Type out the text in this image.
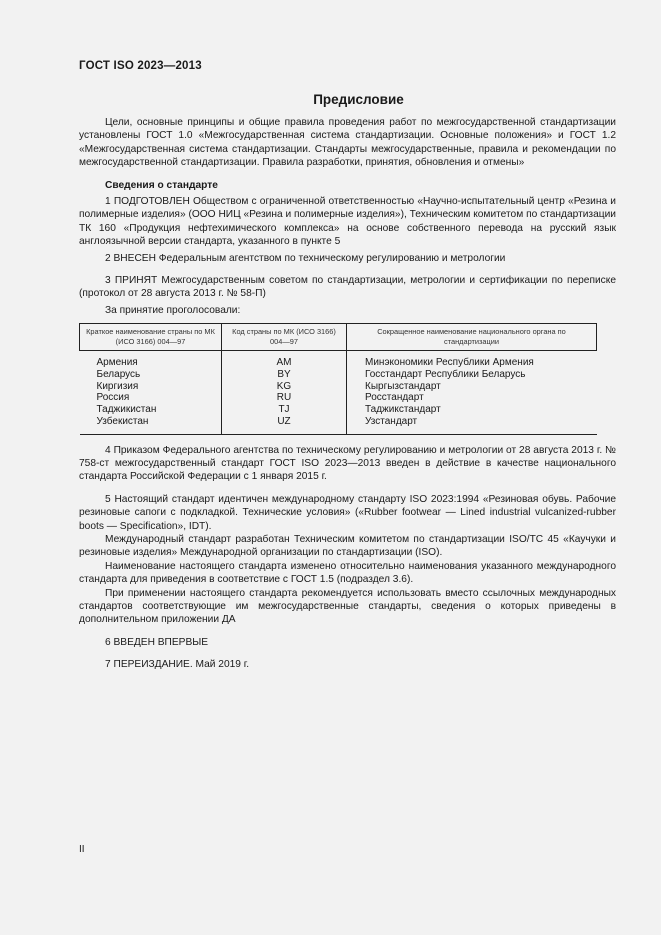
ГОСТ ISO 2023—2013
Предисловие

Цели, основные принципы и общие правила проведения работ по межгосударственной стандартизации установлены ГОСТ 1.0 «Межгосударственная система стандартизации. Основные положения» и ГОСТ 1.2 «Межгосударственная система стандартизации. Стандарты межгосударственные, правила и рекомендации по межгосударственной стандартизации. Правила разработки, принятия, обновления и отмены»

Сведения о стандарте

1 ПОДГОТОВЛЕН Обществом с ограниченной ответственностью «Научно-испытательный центр «Резина и полимерные изделия» (ООО НИЦ «Резина и полимерные изделия»), Техническим комитетом по стандартизации ТК 160 «Продукция нефтехимического комплекса» на основе собственного перевода на русский язык англоязычной версии стандарта, указанного в пункте 5

2 ВНЕСЕН Федеральным агентством по техническому регулированию и метрологии

3 ПРИНЯТ Межгосударственным советом по стандартизации, метрологии и сертификации по переписке (протокол от 28 августа 2013 г. № 58-П)

За принятие проголосовали:

Краткое наименование страны по МК (ИСО 3166) 004—97	Код страны по МК (ИСО 3166) 004—97	Сокращенное наименование национального органа по стандартизации
Армения	AM	Минэкономики Республики Армения
Беларусь	BY	Госстандарт Республики Беларусь
Киргизия	KG	Кыргызстандарт
Россия	RU	Росстандарт
Таджикистан	TJ	Таджикстандарт
Узбекистан	UZ	Узстандарт

4 Приказом Федерального агентства по техническому регулированию и метрологии от 28 августа 2013 г. № 758-ст межгосударственный стандарт ГОСТ ISO 2023—2013 введен в действие в качестве национального стандарта Российской Федерации с 1 января 2015 г.

5 Настоящий стандарт идентичен международному стандарту ISO 2023:1994 «Резиновая обувь. Рабочие резиновые сапоги с подкладкой. Технические условия» («Rubber footwear — Lined industrial vulcanized-rubber boots — Specification», IDT).

Международный стандарт разработан Техническим комитетом по стандартизации ISO/TC 45 «Каучуки и резиновые изделия» Международной организации по стандартизации (ISO).

Наименование настоящего стандарта изменено относительно наименования указанного международного стандарта для приведения в соответствие с ГОСТ 1.5 (подраздел 3.6).

При применении настоящего стандарта рекомендуется использовать вместо ссылочных международных стандартов соответствующие им межгосударственные стандарты, сведения о которых приведены в дополнительном приложении ДА

6 ВВЕДЕН ВПЕРВЫЕ

7 ПЕРЕИЗДАНИЕ. Май 2019 г.

II
